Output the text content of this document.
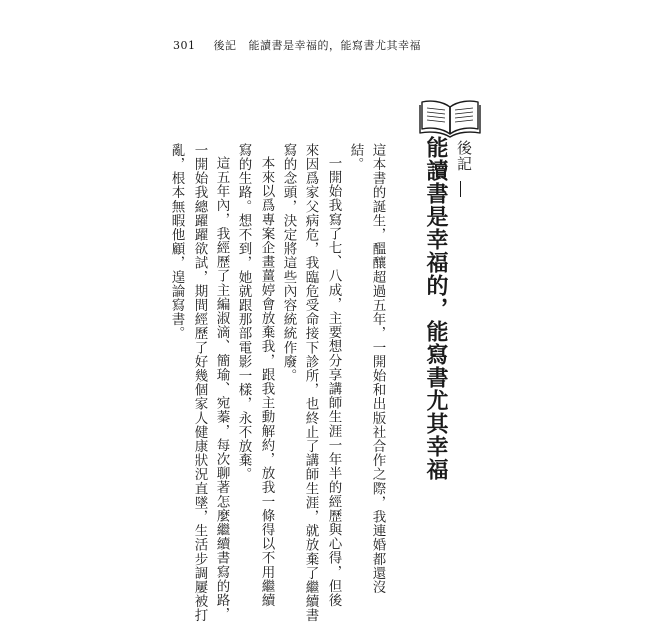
301 後記 能讀書是幸福的，能寫書尤其幸福
後記
能讀書是幸福的，能寫書尤其幸福
這本書的誕生，醞釀超過五年，一開始和出版社合作之際，我連婚都還沒
結。
一開始我寫了七、八成，主要想分享講師生涯一年半的經歷與心得，但後
來因爲家父病危，我臨危受命接下診所，也終止了講師生涯，就放棄了繼續書
寫的念頭，決定將這些內容統統作廢。
本來以爲專案企畫薑婷會放棄我，跟我主動解約，放我一條得以不用繼續
寫的生路。想不到，她就跟那部電影一樣，永不放棄。
這五年內，我經歷了主編淑滴、簡瑜、宛蓁，每次聊著怎麼繼續書寫的路，
一開始我總躍躍欲試，期間經歷了好幾個家人健康狀況直墜，生活步調屢被打
亂，根本無暇他顧，遑論寫書。
